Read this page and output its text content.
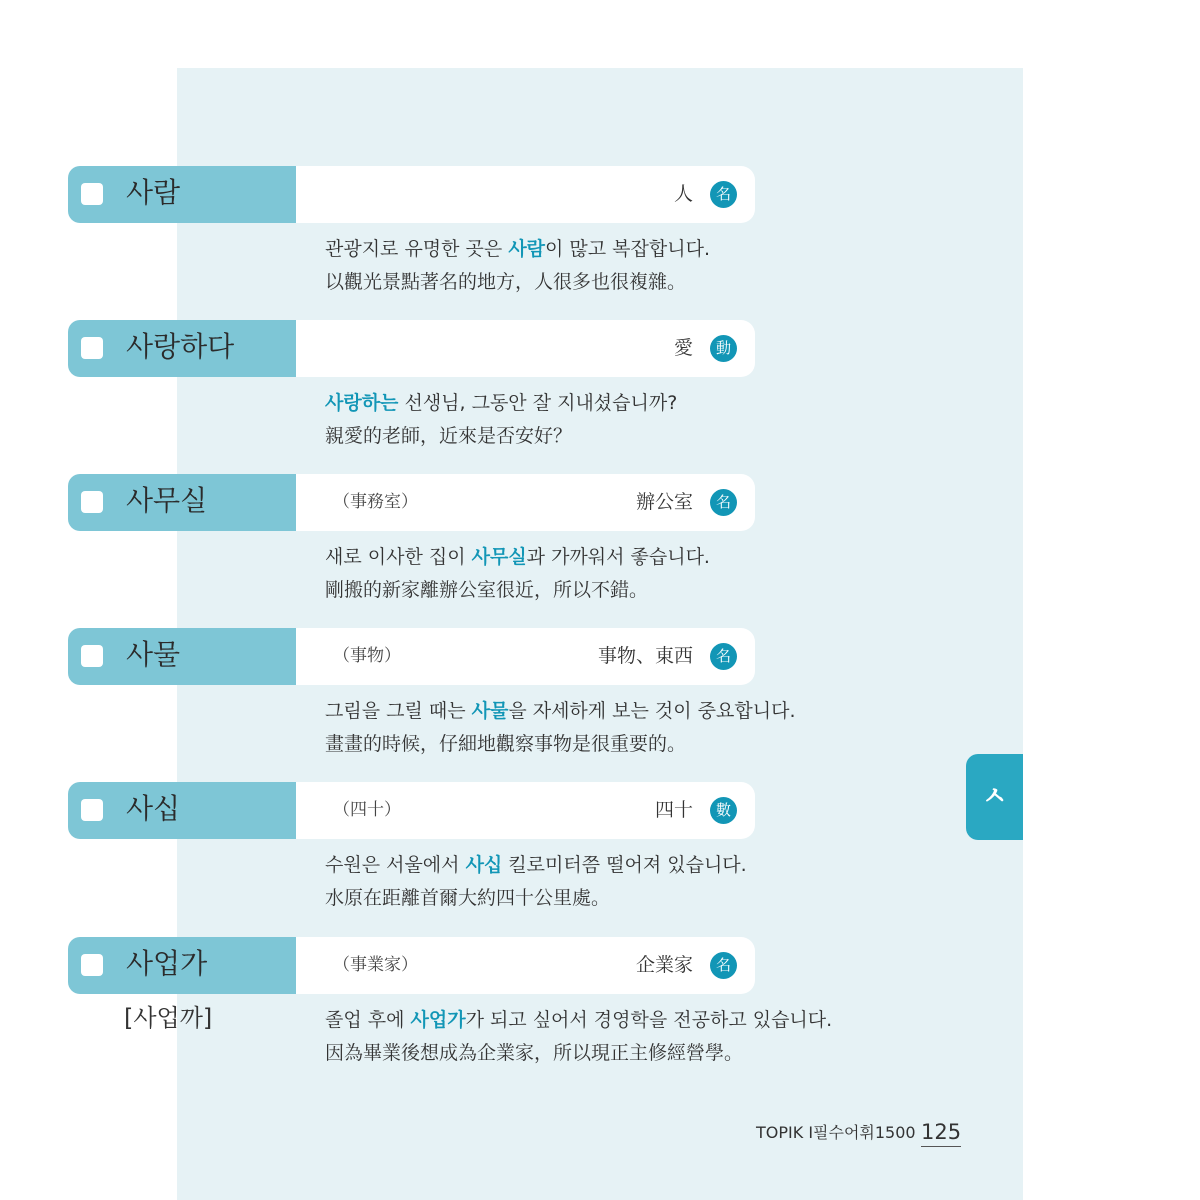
사람	人	名
관광지로 유명한 곳은 사람이 많고 복잡합니다.
以觀光景點著名的地方，人很多也很複雜。
사랑하다	愛	動
사랑하는 선생님, 그동안 잘 지내셨습니까?
親愛的老師，近來是否安好？
사무실	（事務室）	辦公室	名
새로 이사한 집이 사무실과 가까워서 좋습니다.
剛搬的新家離辦公室很近，所以不錯。
사물	（事物）	事物、東西	名
그림을 그릴 때는 사물을 자세하게 보는 것이 중요합니다.
畫畫的時候，仔細地觀察事物是很重要的。
사십	（四十）	四十	數
수원은 서울에서 사십 킬로미터쯤 떨어져 있습니다.
水原在距離首爾大約四十公里處。
사업가	（事業家）	企業家	名
[사업까]	졸업 후에 사업가가 되고 싶어서 경영학을 전공하고 있습니다.
因為畢業後想成為企業家，所以現正主修經營學。
ㅅ
TOPIK Ⅰ필수어휘1500 125
